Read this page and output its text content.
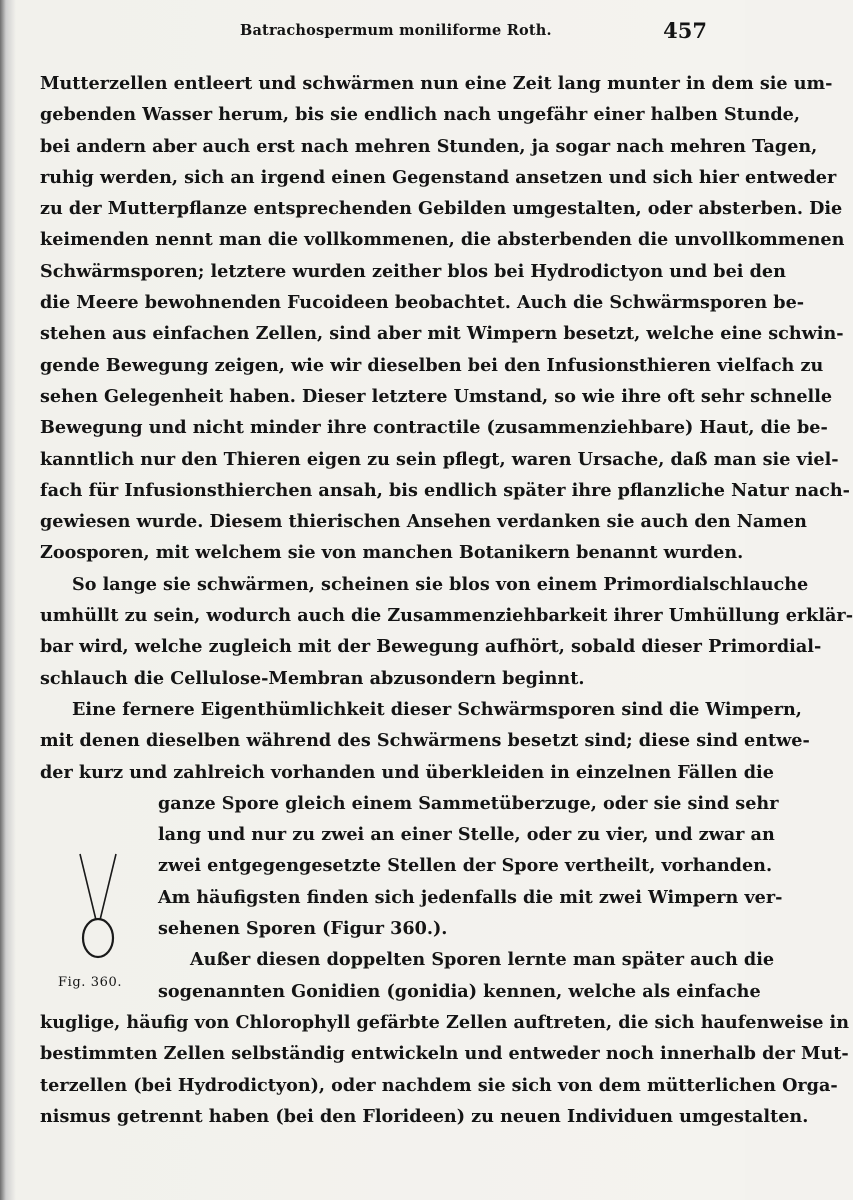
Batrachospermum moniliforme Roth.	457
Mutterzellen entleert und schwärmen nun eine Zeit lang munter in dem sie um-
gebenden Wasser herum, bis sie endlich nach ungefähr einer halben Stunde,
bei andern aber auch erst nach mehren Stunden, ja sogar nach mehren Tagen,
ruhig werden, sich an irgend einen Gegenstand ansetzen und sich hier entweder
zu der Mutterpflanze entsprechenden Gebilden umgestalten, oder absterben. Die
keimenden nennt man die vollkommenen, die absterbenden die unvollkommenen
Schwärmsporen; letztere wurden zeither blos bei Hydrodictyon und bei den
die Meere bewohnenden Fucoideen beobachtet. Auch die Schwärmsporen be-
stehen aus einfachen Zellen, sind aber mit Wimpern besetzt, welche eine schwin-
gende Bewegung zeigen, wie wir dieselben bei den Infusionsthieren vielfach zu
sehen Gelegenheit haben. Dieser letztere Umstand, so wie ihre oft sehr schnelle
Bewegung und nicht minder ihre contractile (zusammenziehbare) Haut, die be-
kanntlich nur den Thieren eigen zu sein pflegt, waren Ursache, daß man sie viel-
fach für Infusionsthierchen ansah, bis endlich später ihre pflanzliche Natur nach-
gewiesen wurde. Diesem thierischen Ansehen verdanken sie auch den Namen
Zoosporen, mit welchem sie von manchen Botanikern benannt wurden.
So lange sie schwärmen, scheinen sie blos von einem Primordialschlauche
umhüllt zu sein, wodurch auch die Zusammenziehbarkeit ihrer Umhüllung erklär-
bar wird, welche zugleich mit der Bewegung aufhört, sobald dieser Primordial-
schlauch die Cellulose-Membran abzusondern beginnt.
Eine fernere Eigenthümlichkeit dieser Schwärmsporen sind die Wimpern,
mit denen dieselben während des Schwärmens besetzt sind; diese sind entwe-
der kurz und zahlreich vorhanden und überkleiden in einzelnen Fällen die
ganze Spore gleich einem Sammetüberzuge, oder sie sind sehr
lang und nur zu zwei an einer Stelle, oder zu vier, und zwar an
zwei entgegengesetzte Stellen der Spore vertheilt, vorhanden.
Am häufigsten finden sich jedenfalls die mit zwei Wimpern ver-
sehenen Sporen (Figur 360.).
Außer diesen doppelten Sporen lernte man später auch die
sogenannten Gonidien (gonidia) kennen, welche als einfache
kuglige, häufig von Chlorophyll gefärbte Zellen auftreten, die sich haufenweise in
bestimmten Zellen selbständig entwickeln und entweder noch innerhalb der Mut-
terzellen (bei Hydrodictyon), oder nachdem sie sich von dem mütterlichen Orga-
nismus getrennt haben (bei den Florideen) zu neuen Individuen umgestalten.
Fig. 360.
